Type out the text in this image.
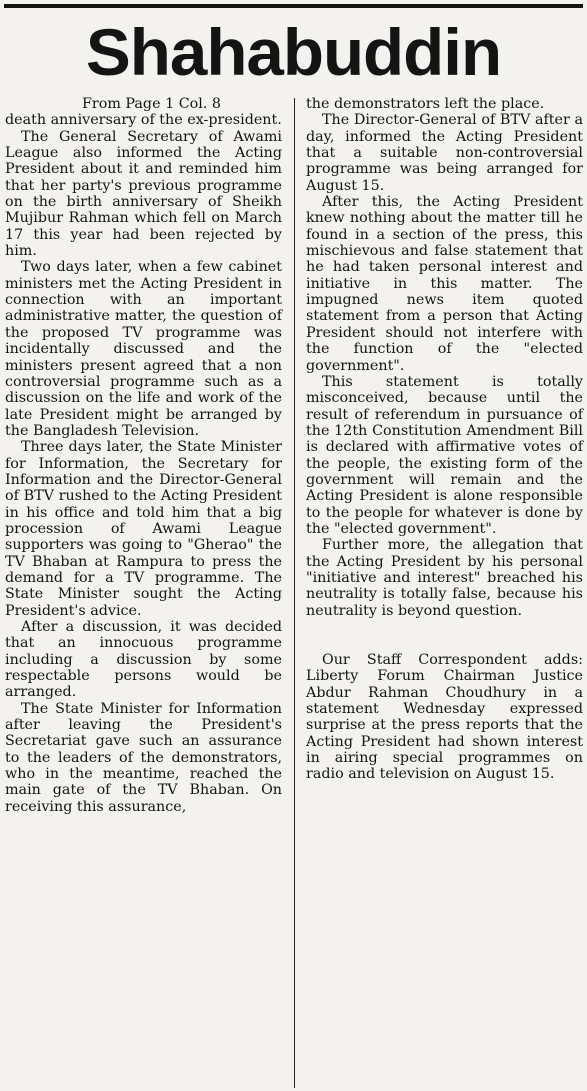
Shahabuddin

From Page 1 Col. 8

death anniversary of the ex-president.

The General Secretary of Awami League also informed the Acting President about it and reminded him that her party's previous programme on the birth anniversary of Sheikh Mujibur Rahman which fell on March 17 this year had been rejected by him.

Two days later, when a few cabinet ministers met the Acting President in connection with an important administrative matter, the question of the proposed TV programme was incidentally discussed and the ministers present agreed that a non controversial programme such as a discussion on the life and work of the late President might be arranged by the Bangladesh Television.

Three days later, the State Minister for Information, the Secretary for Information and the Director-General of BTV rushed to the Acting President in his office and told him that a big procession of Awami League supporters was going to "Gherao" the TV Bhaban at Rampura to press the demand for a TV programme. The State Minister sought the Acting President's advice.

After a discussion, it was decided that an innocuous programme including a discussion by some respectable persons would be arranged.

The State Minister for Information after leaving the President's Secretariat gave such an assurance to the leaders of the demonstrators, who in the meantime, reached the main gate of the TV Bhaban. On receiving this assurance,

the demonstrators left the place.

The Director-General of BTV after a day, informed the Acting President that a suitable non-controversial programme was being arranged for August 15.

After this, the Acting President knew nothing about the matter till he found in a section of the press, this mischievous and false statement that he had taken personal interest and initiative in this matter. The impugned news item quoted statement from a person that Acting President should not interfere with the function of the "elected government".

This statement is totally misconceived, because until the result of referendum in pursuance of the 12th Constitution Amendment Bill is declared with affirmative votes of the people, the existing form of the government will remain and the Acting President is alone responsible to the people for whatever is done by the "elected government".

Further more, the allegation that the Acting President by his personal "initiative and interest" breached his neutrality is totally false, because his neutrality is beyond question.

Our Staff Correspondent adds: Liberty Forum Chairman Justice Abdur Rahman Choudhury in a statement Wednesday expressed surprise at the press reports that the Acting President had shown interest in airing special programmes on radio and television on August 15.
